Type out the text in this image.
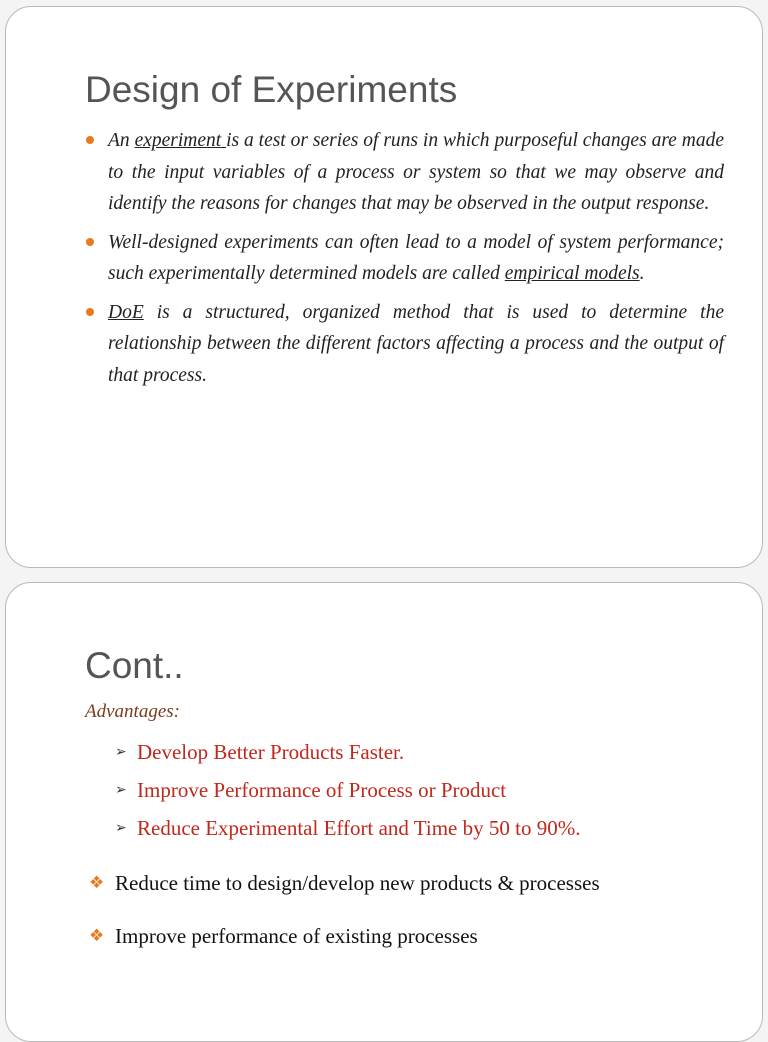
Design of Experiments
An experiment is a test or series of runs in which purposeful changes are made to the input variables of a process or system so that we may observe and identify the reasons for changes that may be observed in the output response.
Well-designed experiments can often lead to a model of system performance; such experimentally determined models are called empirical models.
DoE is a structured, organized method that is used to determine the relationship between the different factors affecting a process and the output of that process.
Cont..

Advantages:

➢ Develop Better Products Faster.
➢ Improve Performance of Process or Product
➢ Reduce Experimental Effort and Time by 50 to 90%.
❖ Reduce time to design/develop new products & processes
❖ Improve performance of existing processes
